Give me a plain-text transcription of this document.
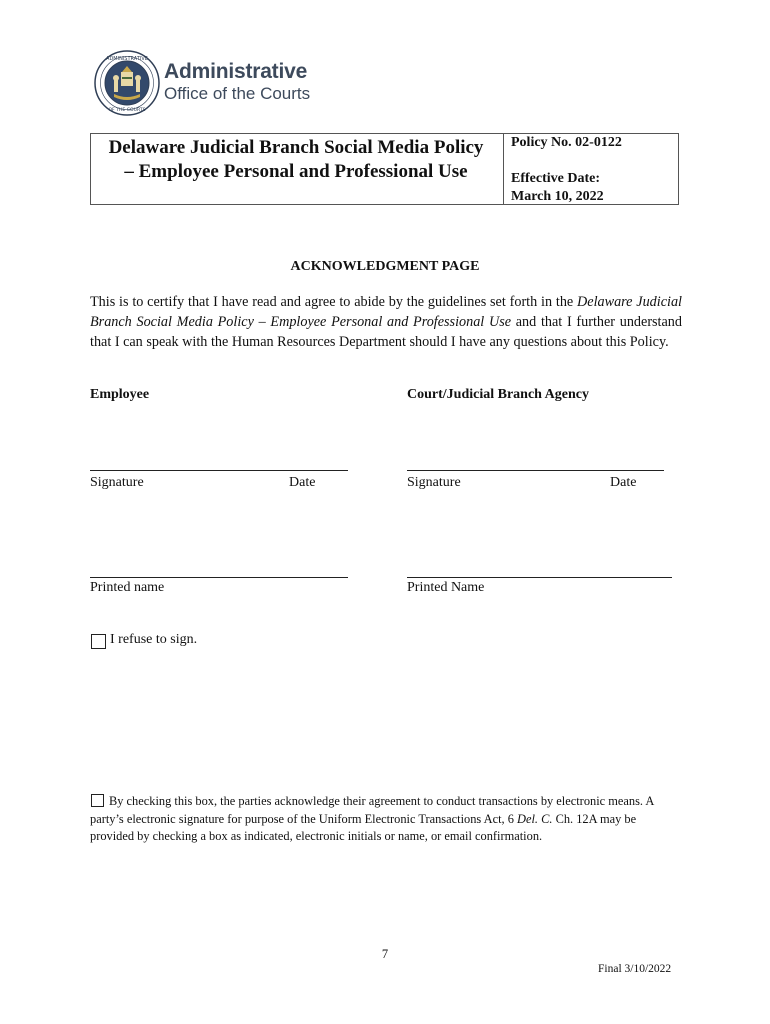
ADMINISTRATIVE
OF THE COURTS
Administrative
Office of the Courts
Delaware Judicial Branch Social Media Policy
– Employee Personal and Professional Use
Policy No. 02-0122
Effective Date:
March 10, 2022
ACKNOWLEDGMENT PAGE
This is to certify that I have read and agree to abide by the guidelines set forth in the Delaware Judicial Branch Social Media Policy – Employee Personal and Professional Use and that I further understand that I can speak with the Human Resources Department should I have any questions about this Policy.
Employee	Court/Judicial Branch Agency
Signature	Date	Signature	Date
Printed name	Printed Name
I refuse to sign.
By checking this box, the parties acknowledge their agreement to conduct transactions by electronic means. A party’s electronic signature for purpose of the Uniform Electronic Transactions Act, 6 Del. C. Ch. 12A may be provided by checking a box as indicated, electronic initials or name, or email confirmation.
7
Final 3/10/2022
